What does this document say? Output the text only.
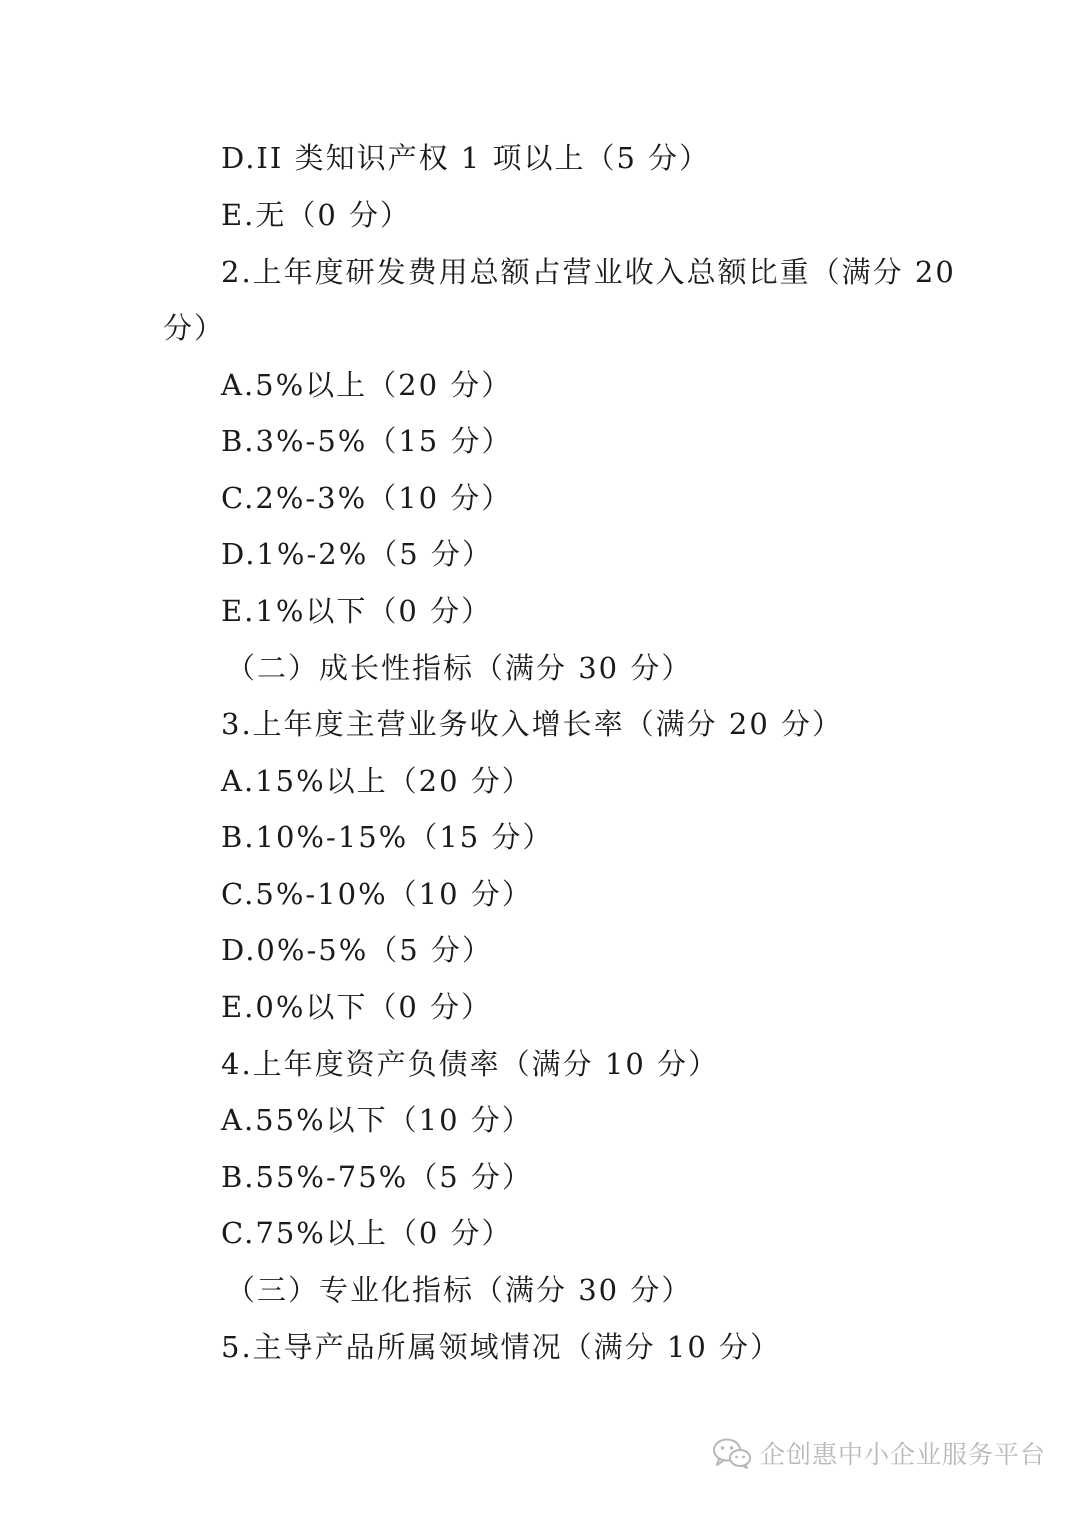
D.II 类知识产权 1 项以上（5 分）
E.无（0 分）
2.上年度研发费用总额占营业收入总额比重（满分 20
分）
A.5%以上（20 分）
B.3%-5%（15 分）
C.2%-3%（10 分）
D.1%-2%（5 分）
E.1%以下（0 分）
（二）成长性指标（满分 30 分）
3.上年度主营业务收入增长率（满分 20 分）
A.15%以上（20 分）
B.10%-15%（15 分）
C.5%-10%（10 分）
D.0%-5%（5 分）
E.0%以下（0 分）
4.上年度资产负债率（满分 10 分）
A.55%以下（10 分）
B.55%-75%（5 分）
C.75%以上（0 分）
（三）专业化指标（满分 30 分）
5.主导产品所属领域情况（满分 10 分）
企创惠中小企业服务平台
